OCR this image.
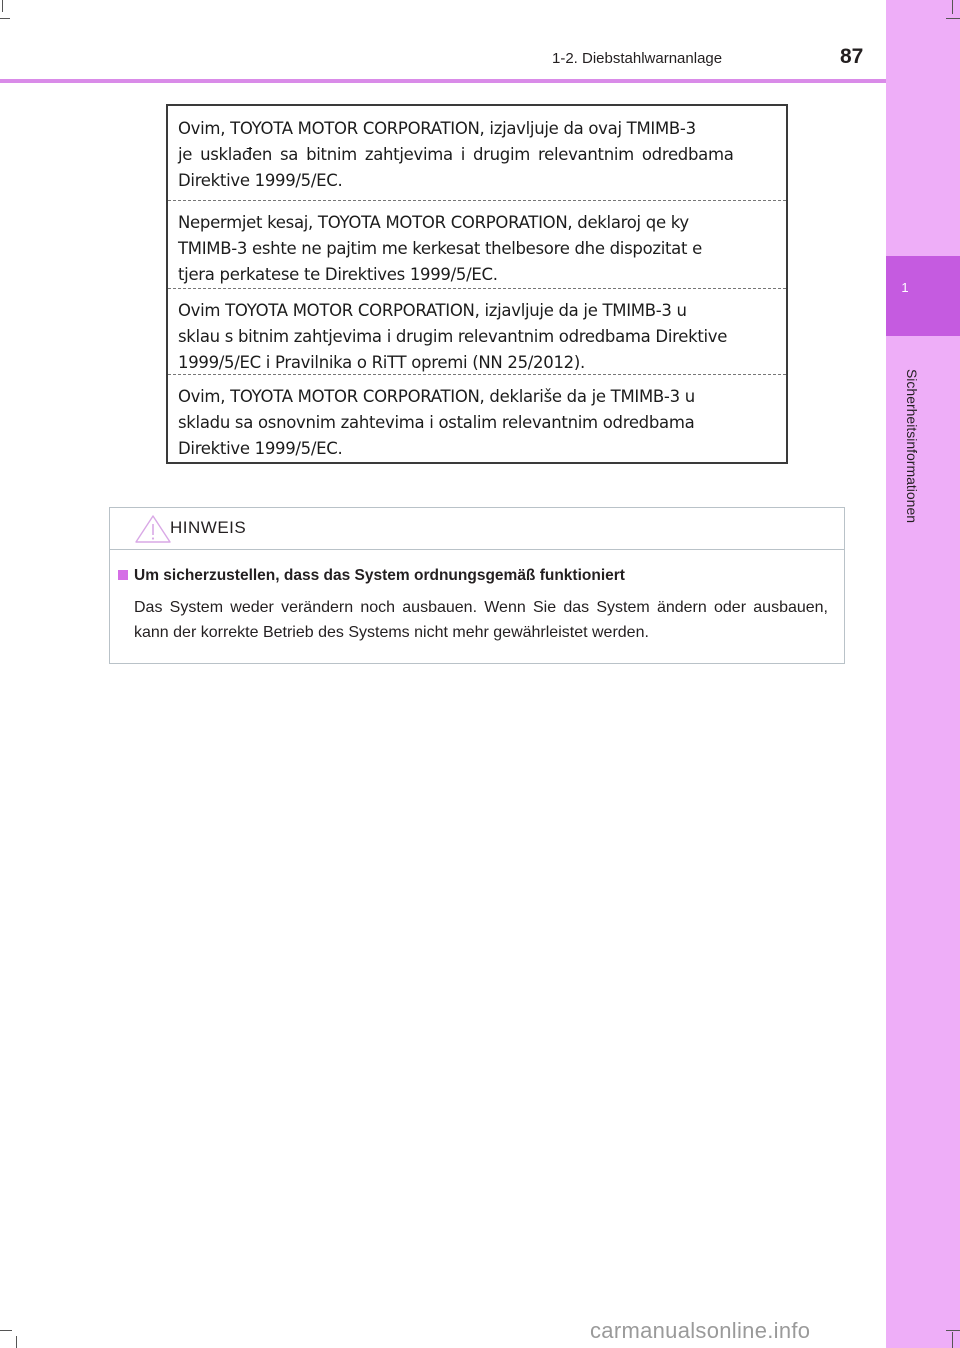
1
Sicherheitsinformationen
1-2. Diebstahlwarnanlage	87
Ovim, TOYOTA MOTOR CORPORATION, izjavljuje da ovaj TMIMB-3
je usklađen sa bitnim zahtjevima i drugim relevantnim odredbama
Direktive 1999/5/EC.
Nepermjet kesaj, TOYOTA MOTOR CORPORATION, deklaroj qe ky
TMIMB-3 eshte ne pajtim me kerkesat thelbesore dhe dispozitat e
tjera perkatese te Direktives 1999/5/EC.
Ovim TOYOTA MOTOR CORPORATION, izjavljuje da je TMIMB-3 u
sklau s bitnim zahtjevima i drugim relevantnim odredbama Direktive
1999/5/EC i Pravilnika o RiTT opremi (NN 25/2012).
Ovim, TOYOTA MOTOR CORPORATION, deklariše da je TMIMB-3 u
skladu sa osnovnim zahtevima i ostalim relevantnim odredbama
Direktive 1999/5/EC.
HINWEIS
Um sicherzustellen, dass das System ordnungsgemäß funktioniert
Das System weder verändern noch ausbauen. Wenn Sie das System ändern oder ausbauen, kann der korrekte Betrieb des Systems nicht mehr gewährleistet werden.
carmanualsonline.info
